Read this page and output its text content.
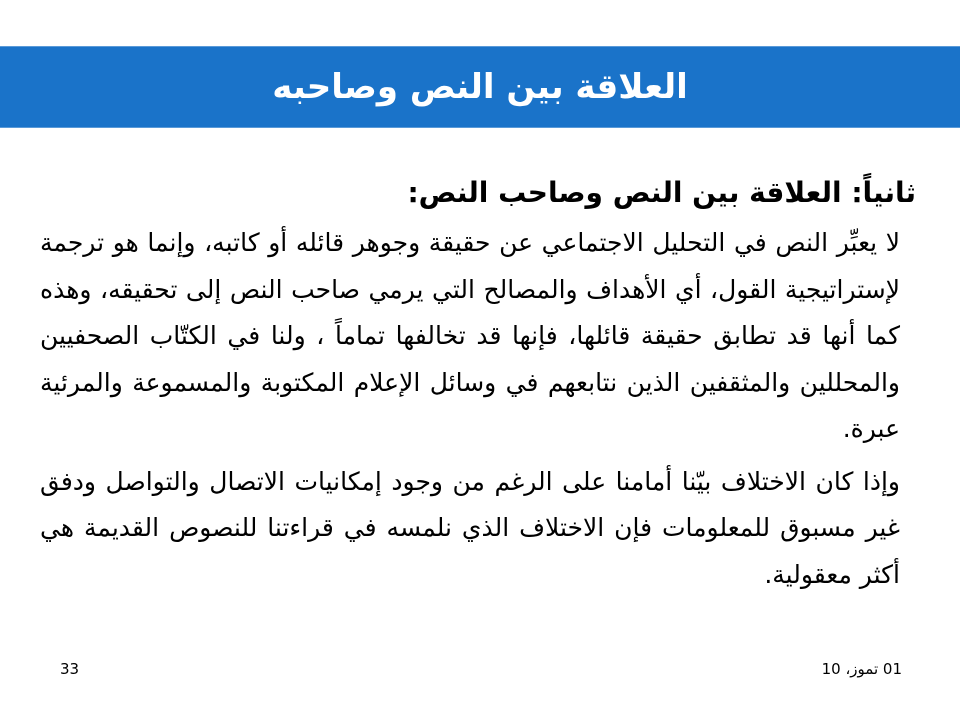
العلاقة بين النص وصاحبه
ثانياً: العلاقة بين النص وصاحب النص:

لا يعبِّر النص في التحليل الاجتماعي عن حقيقة وجوهر قائله أو كاتبه، وإنما هو ترجمة لإستراتيجية القول، أي الأهداف والمصالح التي يرمي صاحب النص إلى تحقيقه، وهذه كما أنها قد تطابق حقيقة قائلها، فإنها قد تخالفها تماماً ، ولنا في الكتّاب الصحفيين والمحللين والمثقفين الذين نتابعهم في وسائل الإعلام المكتوبة والمسموعة والمرئية عبرة.

وإذا كان الاختلاف بيّنا أمامنا على الرغم من وجود إمكانيات الاتصال والتواصل ودفق غير مسبوق للمعلومات فإن الاختلاف الذي نلمسه في قراءتنا للنصوص القديمة هي أكثر معقولية.

01 تموز، 10
33
